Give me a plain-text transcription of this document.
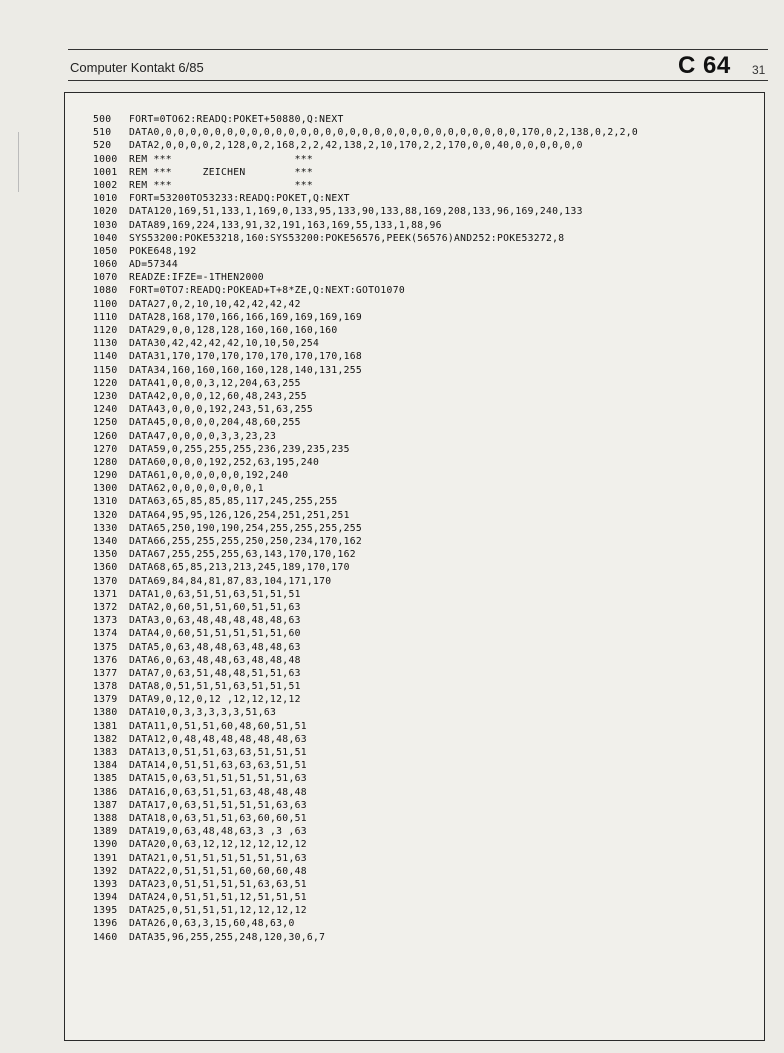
Computer Kontakt 6/85	C 64 31
500 FORT=0TO62:READQ:POKET+50880,Q:NEXT
510 DATA0,0,0,0,0,0,0,0,0,0,0,0,0,0,0,0,0,0,0,0,0,0,0,0,0,0,0,0,0,0,170,0,2,138,0,2,2,0
520 DATA2,0,0,0,0,2,128,0,2,168,2,2,42,138,2,10,170,2,2,170,0,0,40,0,0,0,0,0,0
1000 REM ***                    ***
1001 REM ***     ZEICHEN        ***
1002 REM ***                    ***
1010 FORT=53200TO53233:READQ:POKET,Q:NEXT
1020 DATA120,169,51,133,1,169,0,133,95,133,90,133,88,169,208,133,96,169,240,133
1030 DATA89,169,224,133,91,32,191,163,169,55,133,1,88,96
1040 SYS53200:POKE53218,160:SYS53200:POKE56576,PEEK(56576)AND252:POKE53272,8
1050 POKE648,192
1060 AD=57344
1070 READZE:IFZE=-1THEN2000
1080 FORT=0TO7:READQ:POKEAD+T+8*ZE,Q:NEXT:GOTO1070
1100 DATA27,0,2,10,10,42,42,42,42
1110 DATA28,168,170,166,166,169,169,169,169
1120 DATA29,0,0,128,128,160,160,160,160
1130 DATA30,42,42,42,42,10,10,50,254
1140 DATA31,170,170,170,170,170,170,170,168
1150 DATA34,160,160,160,160,128,140,131,255
1220 DATA41,0,0,0,3,12,204,63,255
1230 DATA42,0,0,0,12,60,48,243,255
1240 DATA43,0,0,0,192,243,51,63,255
1250 DATA45,0,0,0,0,204,48,60,255
1260 DATA47,0,0,0,0,3,3,23,23
1270 DATA59,0,255,255,255,236,239,235,235
1280 DATA60,0,0,0,192,252,63,195,240
1290 DATA61,0,0,0,0,0,0,192,240
1300 DATA62,0,0,0,0,0,0,0,1
1310 DATA63,65,85,85,85,117,245,255,255
1320 DATA64,95,95,126,126,254,251,251,251
1330 DATA65,250,190,190,254,255,255,255,255
1340 DATA66,255,255,255,250,250,234,170,162
1350 DATA67,255,255,255,63,143,170,170,162
1360 DATA68,65,85,213,213,245,189,170,170
1370 DATA69,84,84,81,87,83,104,171,170
1371 DATA1,0,63,51,51,63,51,51,51
1372 DATA2,0,60,51,51,60,51,51,63
1373 DATA3,0,63,48,48,48,48,48,63
1374 DATA4,0,60,51,51,51,51,51,60
1375 DATA5,0,63,48,48,63,48,48,63
1376 DATA6,0,63,48,48,63,48,48,48
1377 DATA7,0,63,51,48,48,51,51,63
1378 DATA8,0,51,51,51,63,51,51,51
1379 DATA9,0,12,0,12 ,12,12,12,12
1380 DATA10,0,3,3,3,3,3,51,63
1381 DATA11,0,51,51,60,48,60,51,51
1382 DATA12,0,48,48,48,48,48,48,63
1383 DATA13,0,51,51,63,63,51,51,51
1384 DATA14,0,51,51,63,63,63,51,51
1385 DATA15,0,63,51,51,51,51,51,63
1386 DATA16,0,63,51,51,63,48,48,48
1387 DATA17,0,63,51,51,51,51,63,63
1388 DATA18,0,63,51,51,63,60,60,51
1389 DATA19,0,63,48,48,63,3 ,3 ,63
1390 DATA20,0,63,12,12,12,12,12,12
1391 DATA21,0,51,51,51,51,51,51,63
1392 DATA22,0,51,51,51,60,60,60,48
1393 DATA23,0,51,51,51,51,63,63,51
1394 DATA24,0,51,51,51,12,51,51,51
1395 DATA25,0,51,51,51,12,12,12,12
1396 DATA26,0,63,3,15,60,48,63,0
1460 DATA35,96,255,255,248,120,30,6,7
